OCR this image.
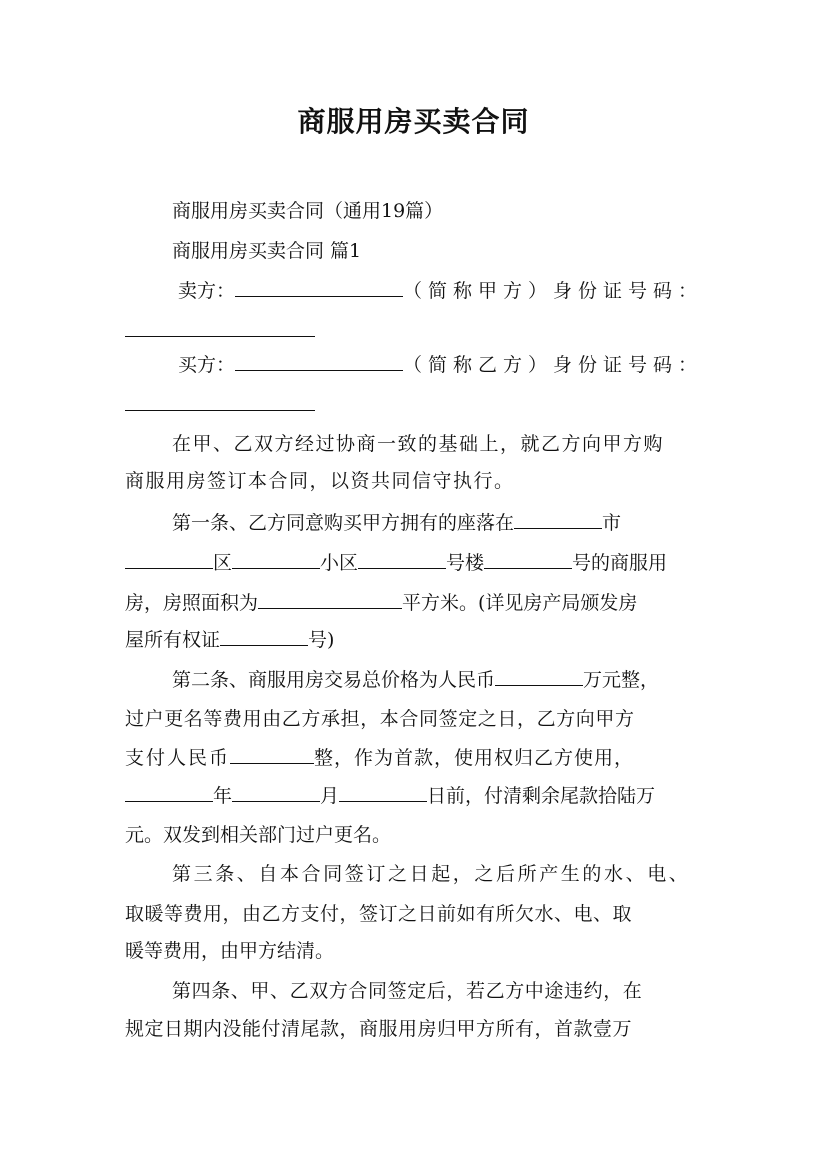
商服用房买卖合同
商服用房买卖合同（通用19篇）
商服用房买卖合同 篇1
卖方：	（简称甲方）身份证号码：
买方：	（简称乙方）身份证号码：
在甲、乙双方经过协商一致的基础上，就乙方向甲方购
商服用房签订本合同，以资共同信守执行。
第一条、乙方同意购买甲方拥有的座落在	市
区	小区	号楼	号的商服用
房，房照面积为	平方米。(详见房产局颁发房
屋所有权证	号)
第二条、商服用房交易总价格为人民币	万元整，
过户更名等费用由乙方承担，本合同签定之日，乙方向甲方
支付人民币	整，作为首款，使用权归乙方使用，
年	月	日前，付清剩余尾款拾陆万
元。双发到相关部门过户更名。
第三条、自本合同签订之日起，之后所产生的水、电、
取暖等费用，由乙方支付，签订之日前如有所欠水、电、取
暖等费用，由甲方结清。
第四条、甲、乙双方合同签定后，若乙方中途违约，在
规定日期内没能付清尾款，商服用房归甲方所有，首款壹万
